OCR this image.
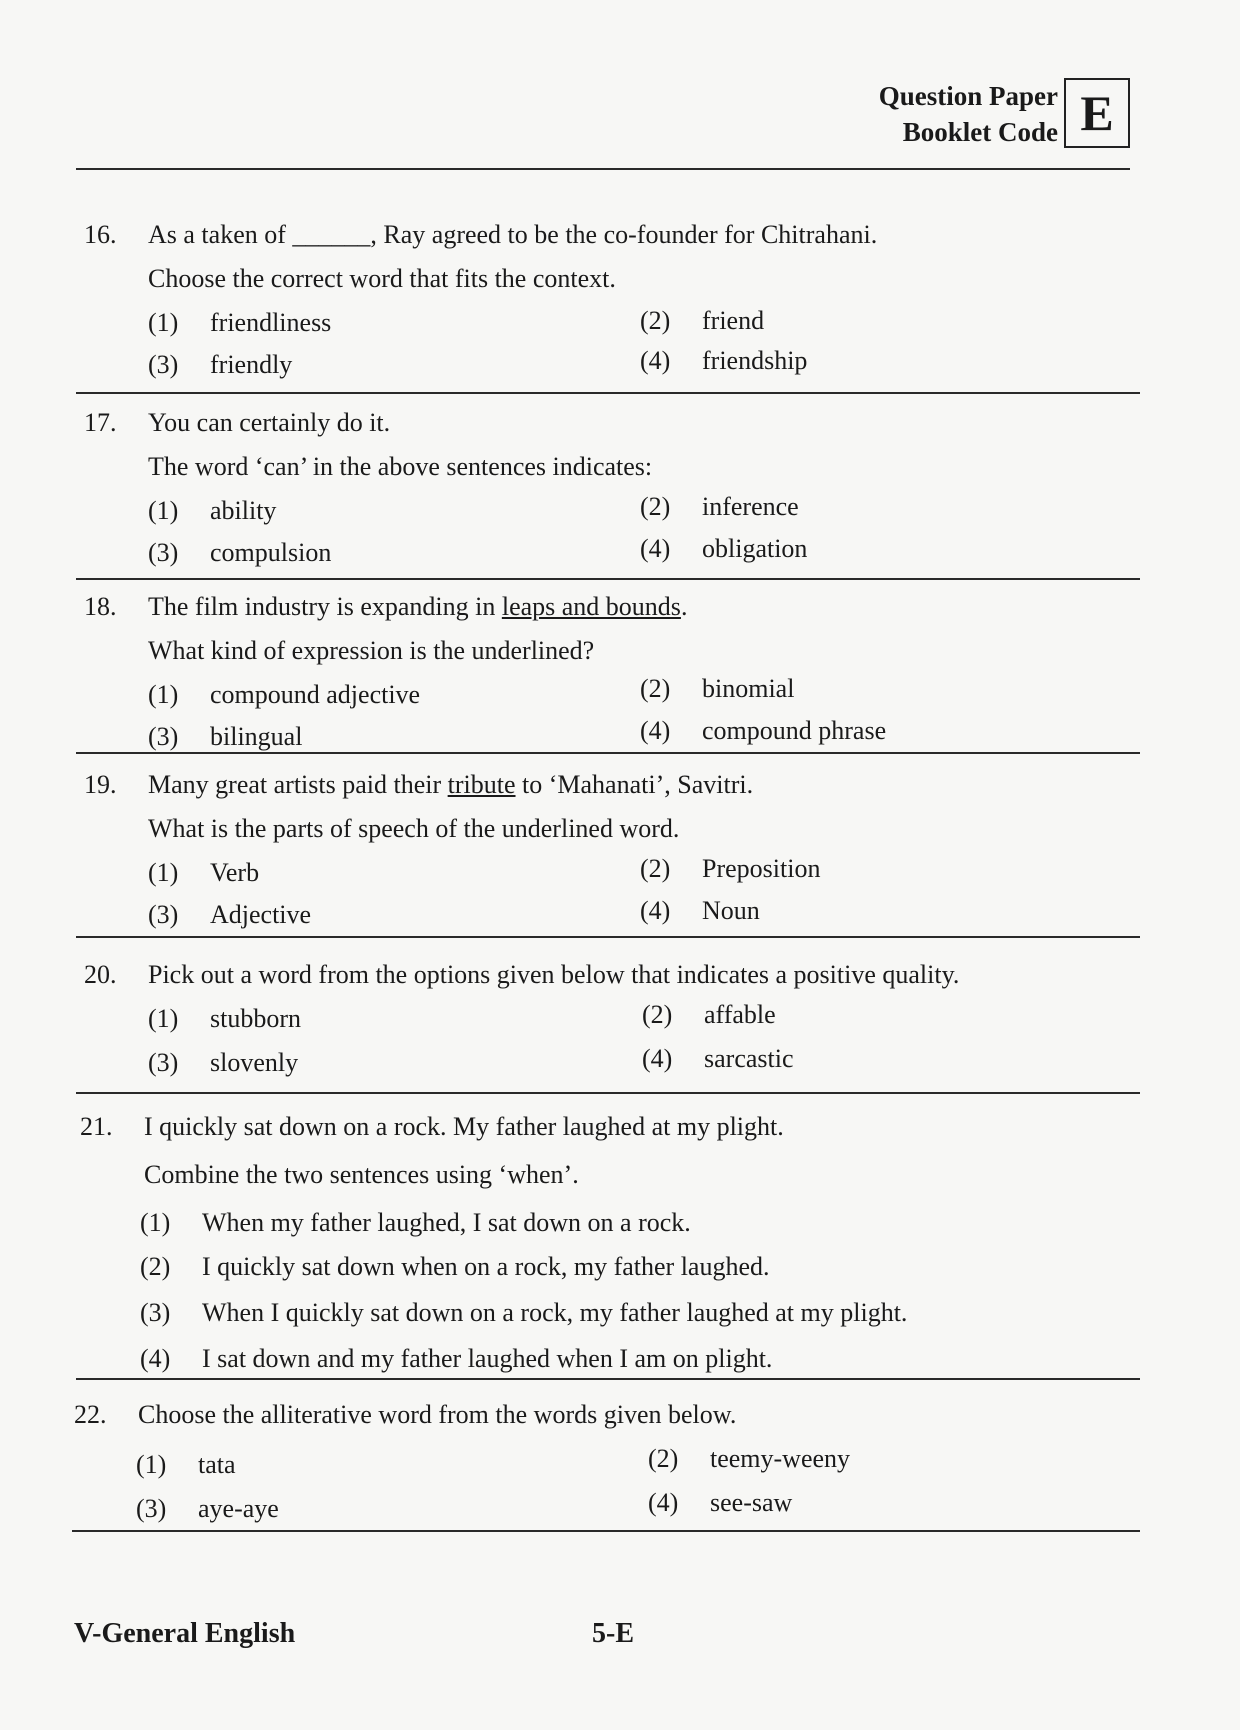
Question Paper
Booklet Code E
16. As a taken of ______, Ray agreed to be the co-founder for Chitrahani.
Choose the correct word that fits the context.
(1) friendliness	(2) friend
(3) friendly	(4) friendship
17. You can certainly do it.
The word ‘can’ in the above sentences indicates:
(1) ability	(2) inference
(3) compulsion	(4) obligation
18. The film industry is expanding in leaps and bounds.
What kind of expression is the underlined?
(1) compound adjective	(2) binomial
(3) bilingual	(4) compound phrase
19. Many great artists paid their tribute to ‘Mahanati’, Savitri.
What is the parts of speech of the underlined word.
(1) Verb	(2) Preposition
(3) Adjective	(4) Noun
20. Pick out a word from the options given below that indicates a positive quality.
(1) stubborn	(2) affable
(3) slovenly	(4) sarcastic
21. I quickly sat down on a rock. My father laughed at my plight.
Combine the two sentences using ‘when’.
(1) When my father laughed, I sat down on a rock.
(2) I quickly sat down when on a rock, my father laughed.
(3) When I quickly sat down on a rock, my father laughed at my plight.
(4) I sat down and my father laughed when I am on plight.
22. Choose the alliterative word from the words given below.
(1) tata	(2) teemy-weeny
(3) aye-aye	(4) see-saw
V-General English	5-E
